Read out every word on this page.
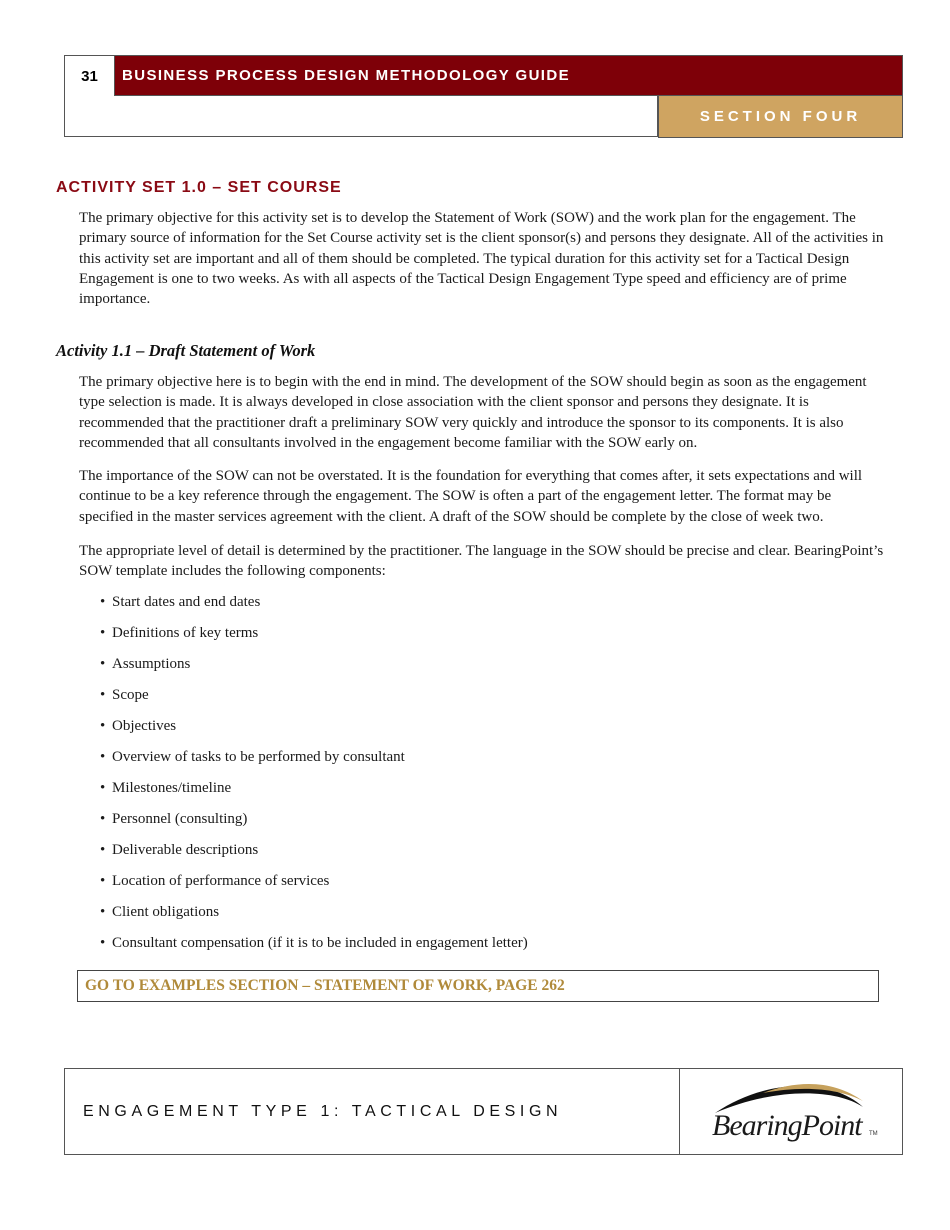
31	BUSINESS PROCESS DESIGN METHODOLOGY GUIDE
SECTION FOUR
ACTIVITY SET 1.0 – SET COURSE

The primary objective for this activity set is to develop the Statement of Work (SOW) and the work plan for the engagement. The primary source of information for the Set Course activity set is the client sponsor(s) and persons they designate. All of the activities in this activity set are important and all of them should be completed. The typical duration for this activity set for a Tactical Design Engagement is one to two weeks. As with all aspects of the Tactical Design Engagement Type speed and efficiency are of prime importance.

Activity 1.1 – Draft Statement of Work

The primary objective here is to begin with the end in mind. The development of the SOW should begin as soon as the engagement type selection is made. It is always developed in close association with the client sponsor and persons they designate. It is recommended that the practitioner draft a preliminary SOW very quickly and introduce the sponsor to its components. It is also recommended that all consultants involved in the engagement become familiar with the SOW early on.

The importance of the SOW can not be overstated. It is the foundation for everything that comes after, it sets expectations and will continue to be a key reference through the engagement. The SOW is often a part of the engagement letter. The format may be specified in the master services agreement with the client. A draft of the SOW should be complete by the close of week two.

The appropriate level of detail is determined by the practitioner. The language in the SOW should be precise and clear. BearingPoint’s SOW template includes the following components:

• Start dates and end dates
• Definitions of key terms
• Assumptions
• Scope
• Objectives
• Overview of tasks to be performed by consultant
• Milestones/timeline
• Personnel (consulting)
• Deliverable descriptions
• Location of performance of services
• Client obligations
• Consultant compensation (if it is to be included in engagement letter)
GO TO EXAMPLES SECTION – STATEMENT OF WORK, PAGE 262
ENGAGEMENT TYPE 1: TACTICAL DESIGN	BearingPoint TM
